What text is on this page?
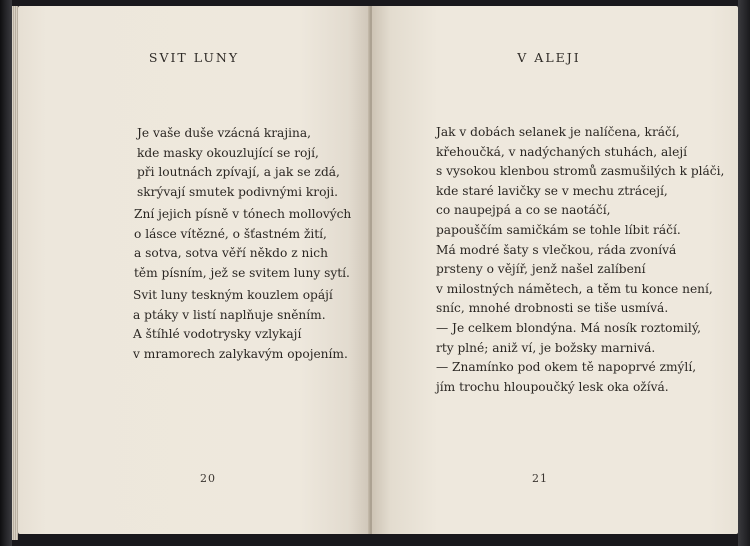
SVIT LUNY

Je vaše duše vzácná krajina,
kde masky okouzlující se rojí,
při loutnách zpívají, a jak se zdá,
skrývají smutek podivnými kroji.

Zní jejich písně v tónech mollových
o lásce vítězné, o šťastném žití,
a sotva, sotva věří někdo z nich
těm písním, jež se svitem luny sytí.

Svit luny teskným kouzlem opájí
a ptáky v listí naplňuje sněním.
A štíhlé vodotrysky vzlykají
v mramorech zalykavým opojením.

20
V ALEJI

Jak v dobách selanek je nalíčena, kráčí,
křehoučká, v nadýchaných stuhách, alejí
s vysokou klenbou stromů zasmušilých k pláči,
kde staré lavičky se v mechu ztrácejí,
co naupejpá a co se naotáčí,
papouščím samičkám se tohle líbit ráčí.
Má modré šaty s vlečkou, ráda zvonívá
prsteny o vějíř, jenž našel zalíbení
v milostných námětech, a těm tu konce není,
sníc, mnohé drobnosti se tiše usmívá.
— Je celkem blondýna. Má nosík roztomilý,
rty plné; aniž ví, je božsky marnivá.
— Znamínko pod okem tě napoprvé zmýlí,
jím trochu hloupoučký lesk oka ožívá.

21
